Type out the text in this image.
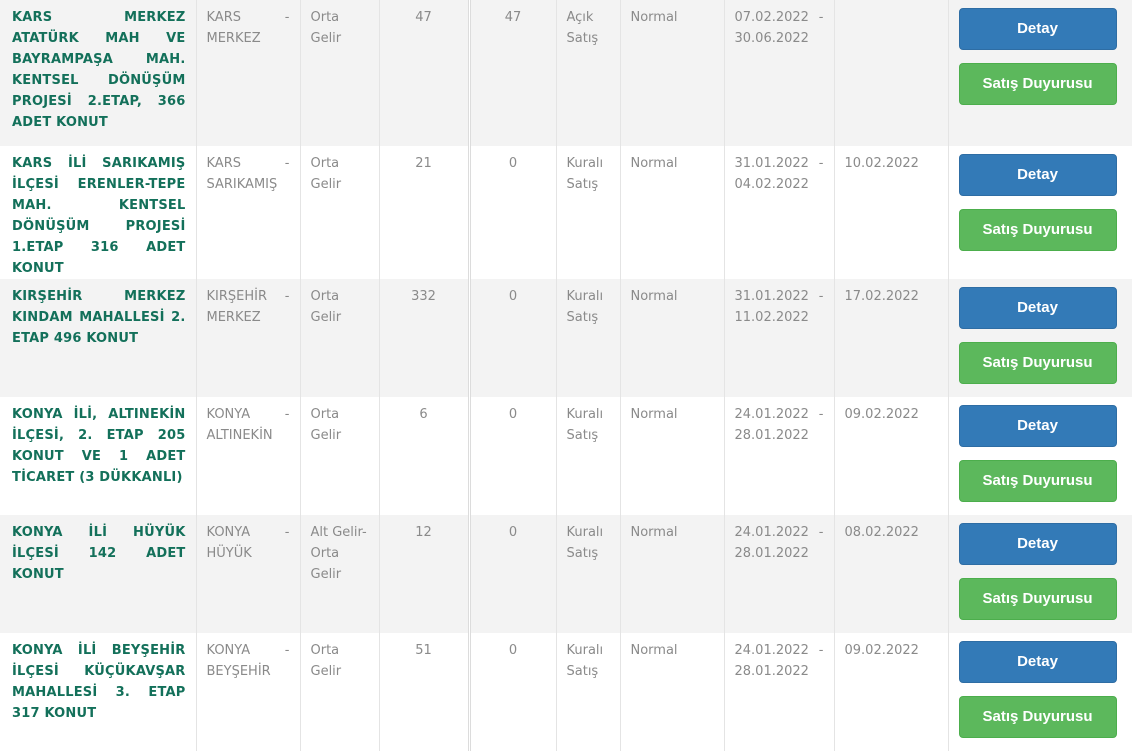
KARS MERKEZ ATATÜRK MAH VE BAYRAMPAŞA MAH. KENTSEL DÖNÜŞÜM PROJESİ 2.ETAP, 366 ADET KONUT	KARS - MERKEZ	Orta Gelir	47	47	Açık Satış	Normal	07.02.2022 - 30.06.2022		Detay
Satış Duyurusu

KARS İLİ SARIKAMIŞ İLÇESİ ERENLER-TEPE MAH. KENTSEL DÖNÜŞÜM PROJESİ 1.ETAP 316 ADET KONUT	KARS - SARIKAMIŞ	Orta Gelir	21	0	Kuralı Satış	Normal	31.01.2022 - 04.02.2022	10.02.2022	Detay
Satış Duyurusu

KIRŞEHİR MERKEZ KINDAM MAHALLESİ 2. ETAP 496 KONUT	KIRŞEHİR - MERKEZ	Orta Gelir	332	0	Kuralı Satış	Normal	31.01.2022 - 11.02.2022	17.02.2022	Detay
Satış Duyurusu

KONYA İLİ, ALTINEKİN İLÇESİ, 2. ETAP 205 KONUT VE 1 ADET TİCARET (3 DÜKKANLI)	KONYA - ALTINEKİN	Orta Gelir	6	0	Kuralı Satış	Normal	24.01.2022 - 28.01.2022	09.02.2022	Detay
Satış Duyurusu

KONYA İLİ HÜYÜK İLÇESİ 142 ADET KONUT	KONYA - HÜYÜK	Alt Gelir-Orta Gelir	12	0	Kuralı Satış	Normal	24.01.2022 - 28.01.2022	08.02.2022	Detay
Satış Duyurusu

KONYA İLİ BEYŞEHİR İLÇESİ KÜÇÜKAVŞAR MAHALLESİ 3. ETAP 317 KONUT	KONYA - BEYŞEHİR	Orta Gelir	51	0	Kuralı Satış	Normal	24.01.2022 - 28.01.2022	09.02.2022	Detay
Satış Duyurusu
